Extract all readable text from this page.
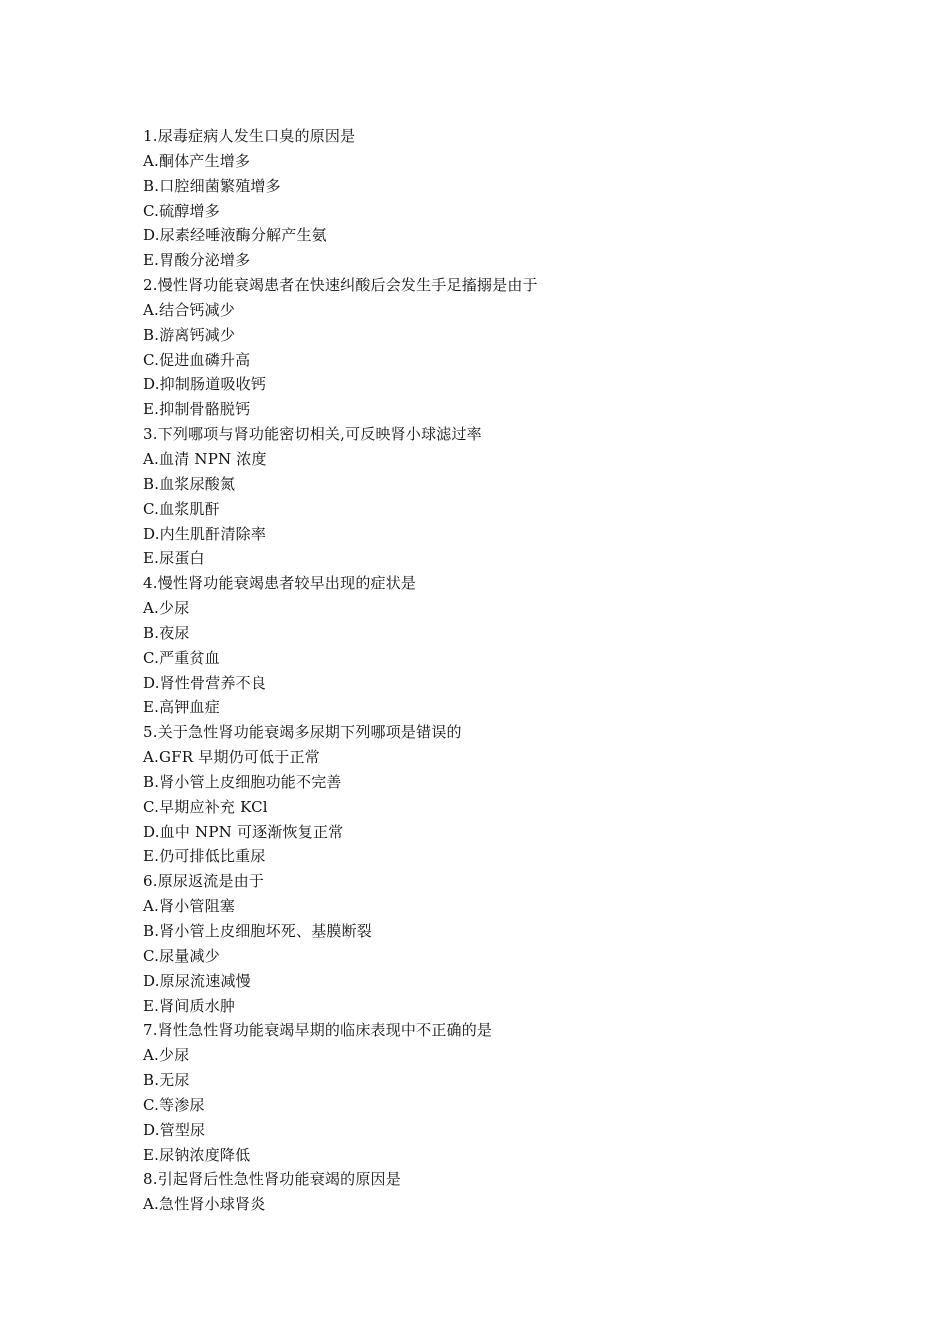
1.尿毒症病人发生口臭的原因是
A.酮体产生增多
B.口腔细菌繁殖增多
C.硫醇增多
D.尿素经唾液酶分解产生氨
E.胃酸分泌增多
2.慢性肾功能衰竭患者在快速纠酸后会发生手足搐搦是由于
A.结合钙减少
B.游离钙减少
C.促进血磷升高
D.抑制肠道吸收钙
E.抑制骨骼脱钙
3.下列哪项与肾功能密切相关,可反映肾小球滤过率
A.血清 NPN 浓度
B.血浆尿酸氮
C.血浆肌酐
D.内生肌酐清除率
E.尿蛋白
4.慢性肾功能衰竭患者较早出现的症状是
A.少尿
B.夜尿
C.严重贫血
D.肾性骨营养不良
E.高钾血症
5.关于急性肾功能衰竭多尿期下列哪项是错误的
A.GFR 早期仍可低于正常
B.肾小管上皮细胞功能不完善
C.早期应补充 KCl
D.血中 NPN 可逐渐恢复正常
E.仍可排低比重尿
6.原尿返流是由于
A.肾小管阻塞
B.肾小管上皮细胞坏死、基膜断裂
C.尿量减少
D.原尿流速减慢
E.肾间质水肿
7.肾性急性肾功能衰竭早期的临床表现中不正确的是
A.少尿
B.无尿
C.等渗尿
D.管型尿
E.尿钠浓度降低
8.引起肾后性急性肾功能衰竭的原因是
A.急性肾小球肾炎
